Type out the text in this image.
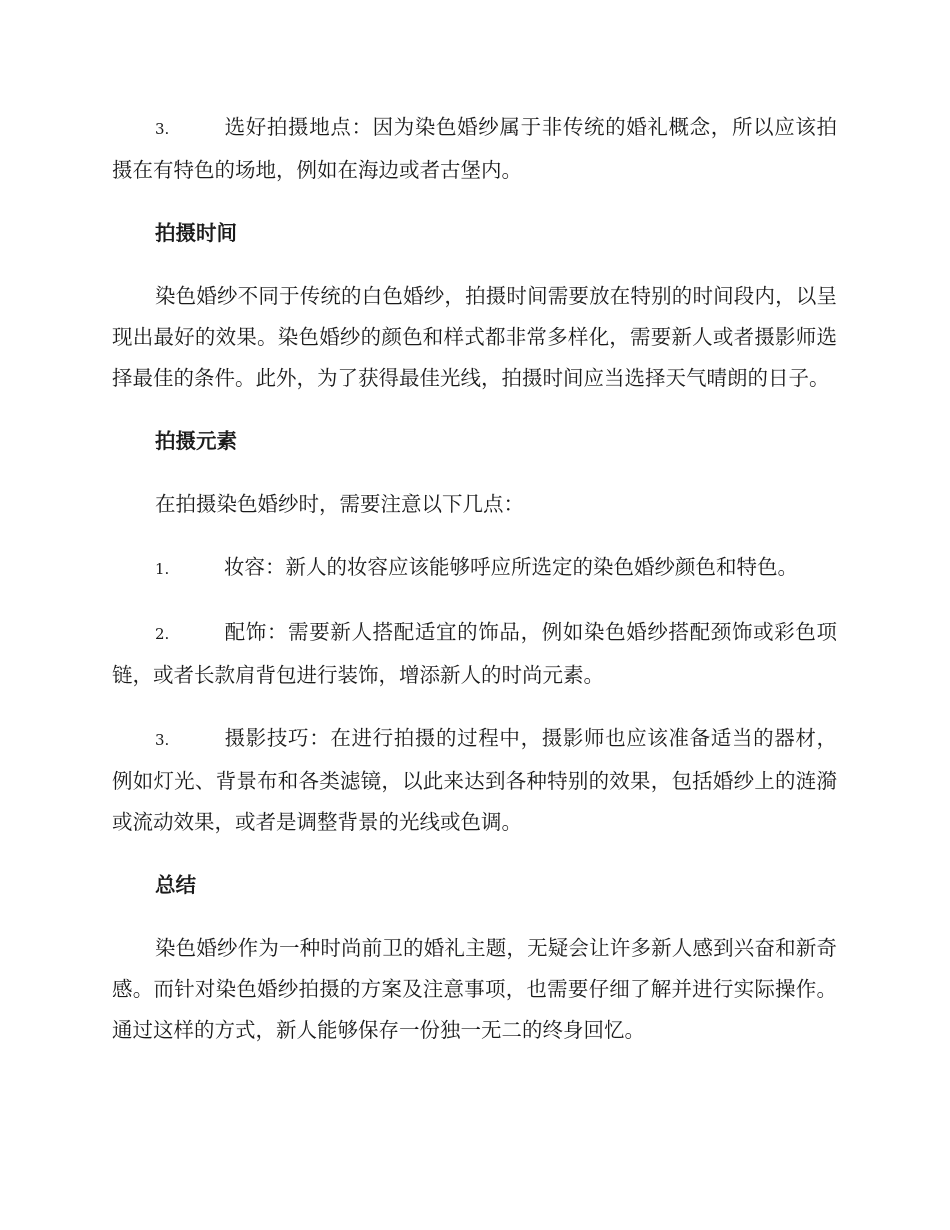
3.	选好拍摄地点：因为染色婚纱属于非传统的婚礼概念，所以应该拍摄在有特色的场地，例如在海边或者古堡内。

拍摄时间

染色婚纱不同于传统的白色婚纱，拍摄时间需要放在特别的时间段内，以呈现出最好的效果。染色婚纱的颜色和样式都非常多样化，需要新人或者摄影师选择最佳的条件。此外，为了获得最佳光线，拍摄时间应当选择天气晴朗的日子。

拍摄元素

在拍摄染色婚纱时，需要注意以下几点：

1.	妆容：新人的妆容应该能够呼应所选定的染色婚纱颜色和特色。

2.	配饰：需要新人搭配适宜的饰品，例如染色婚纱搭配颈饰或彩色项链，或者长款肩背包进行装饰，增添新人的时尚元素。

3.	摄影技巧：在进行拍摄的过程中，摄影师也应该准备适当的器材，例如灯光、背景布和各类滤镜，以此来达到各种特别的效果，包括婚纱上的涟漪或流动效果，或者是调整背景的光线或色调。

总结

染色婚纱作为一种时尚前卫的婚礼主题，无疑会让许多新人感到兴奋和新奇感。而针对染色婚纱拍摄的方案及注意事项，也需要仔细了解并进行实际操作。通过这样的方式，新人能够保存一份独一无二的终身回忆。
